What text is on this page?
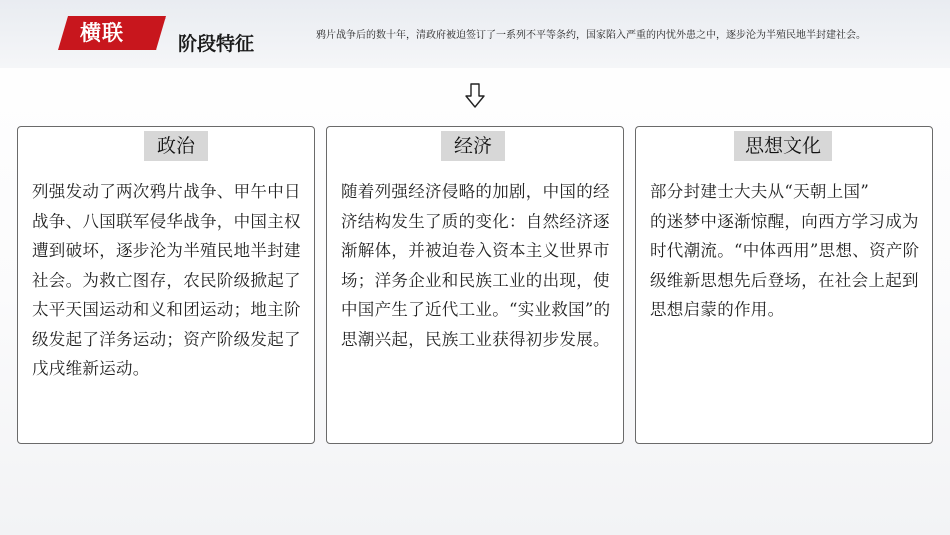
横联	阶段特征	鸦片战争后的数十年，清政府被迫签订了一系列不平等条约，国家陷入严重的内忧外患之中，逐步沦为半殖民地半封建社会。
政治
列强发动了两次鸦片战争、甲午中日战争、八国联军侵华战争，中国主权遭到破坏，逐步沦为半殖民地半封建社会。为救亡图存，农民阶级掀起了太平天国运动和义和团运动；地主阶级发起了洋务运动；资产阶级发起了戊戌维新运动。
经济
随着列强经济侵略的加剧，中国的经济结构发生了质的变化：自然经济逐渐解体，并被迫卷入资本主义世界市场；洋务企业和民族工业的出现，使中国产生了近代工业。“实业救国”的思潮兴起，民族工业获得初步发展。
思想文化
部分封建士大夫从“天朝上国”
的迷梦中逐渐惊醒，向西方学习成为时代潮流。“中体西用”思想、资产阶级维新思想先后登场，在社会上起到思想启蒙的作用。
